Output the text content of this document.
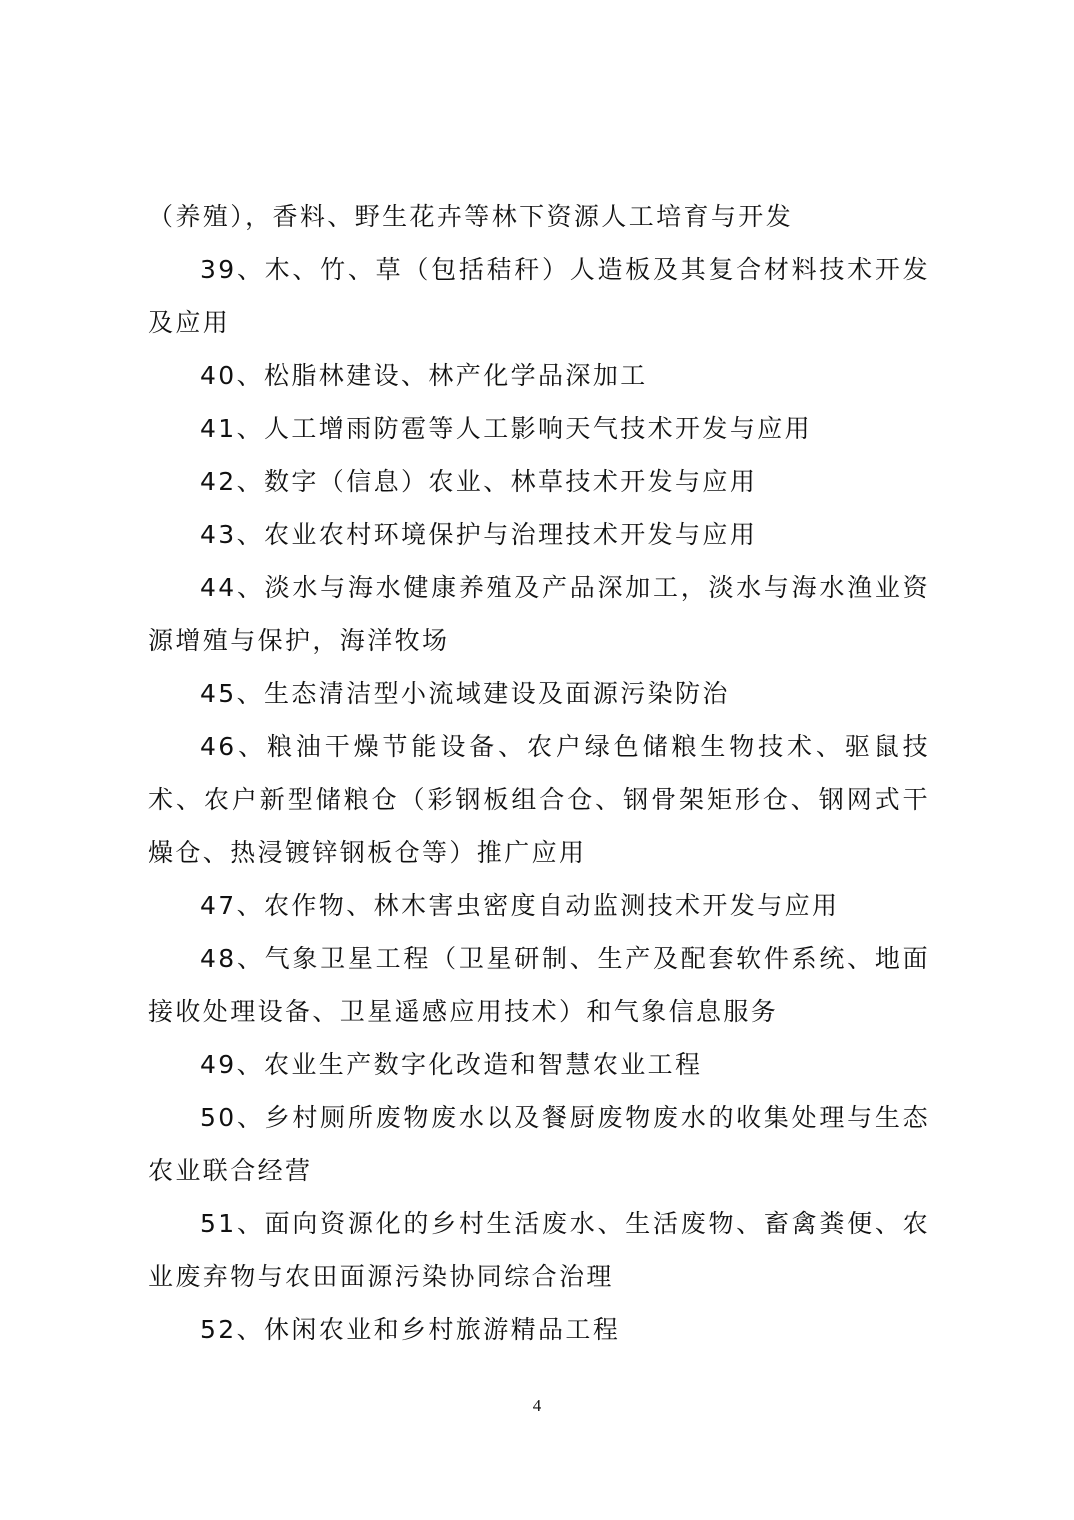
（养殖），香料、野生花卉等林下资源人工培育与开发

39、木、竹、草（包括秸秆）人造板及其复合材料技术开发及应用

40、松脂林建设、林产化学品深加工

41、人工增雨防雹等人工影响天气技术开发与应用

42、数字（信息）农业、林草技术开发与应用

43、农业农村环境保护与治理技术开发与应用

44、淡水与海水健康养殖及产品深加工，淡水与海水渔业资源增殖与保护，海洋牧场

45、生态清洁型小流域建设及面源污染防治

46、粮油干燥节能设备、农户绿色储粮生物技术、驱鼠技术、农户新型储粮仓（彩钢板组合仓、钢骨架矩形仓、钢网式干燥仓、热浸镀锌钢板仓等）推广应用

47、农作物、林木害虫密度自动监测技术开发与应用

48、气象卫星工程（卫星研制、生产及配套软件系统、地面接收处理设备、卫星遥感应用技术）和气象信息服务

49、农业生产数字化改造和智慧农业工程

50、乡村厕所废物废水以及餐厨废物废水的收集处理与生态农业联合经营

51、面向资源化的乡村生活废水、生活废物、畜禽粪便、农业废弃物与农田面源污染协同综合治理

52、休闲农业和乡村旅游精品工程

4
